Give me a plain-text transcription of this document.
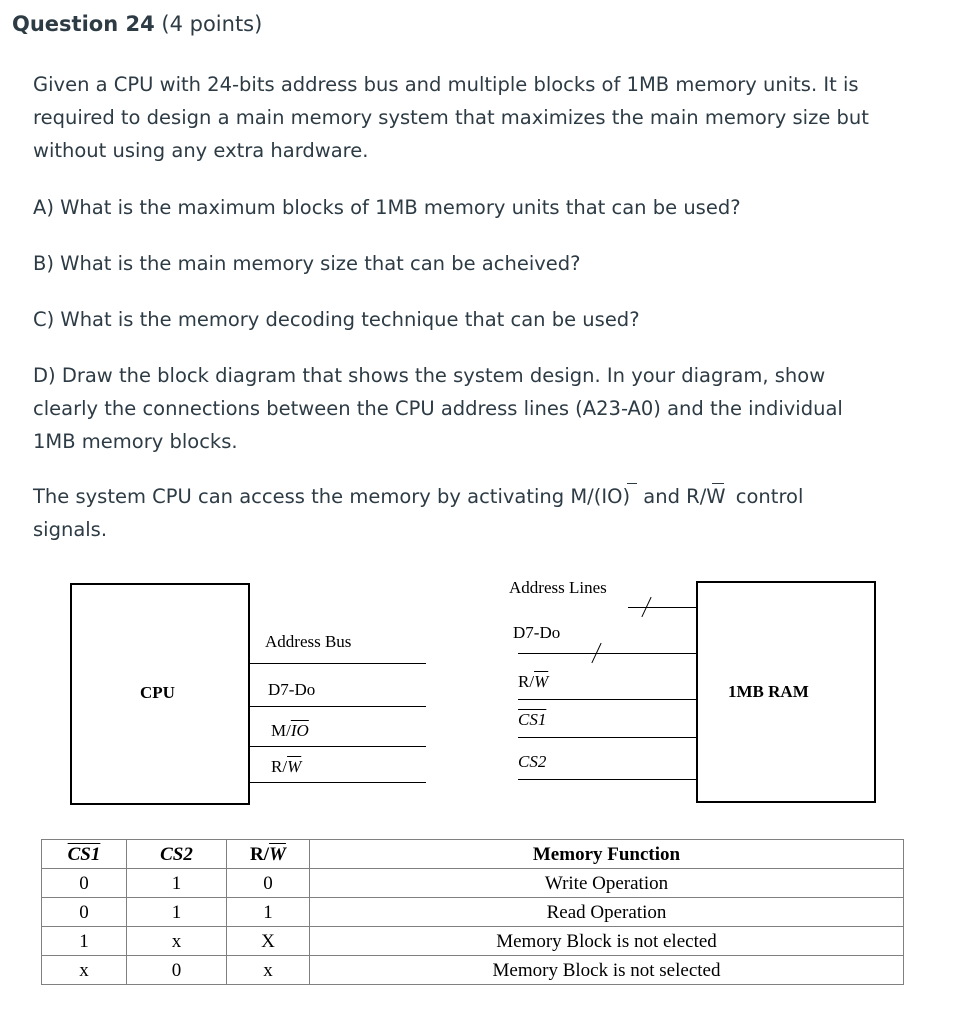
Question 24 (4 points)
Given a CPU with 24-bits address bus and multiple blocks of 1MB memory units. It is
required to design a main memory system that maximizes the main memory size but
without using any extra hardware.
A) What is the maximum blocks of 1MB memory units that can be used?
B) What is the main memory size that can be acheived?
C) What is the memory decoding technique that can be used?
D) Draw the block diagram that shows the system design. In your diagram, show
clearly the connections between the CPU address lines (A23-A0) and the individual
1MB memory blocks.
The system CPU can access the memory by activating M/(IO) and R/W control
signals.
CPU
Address Bus
D7-Do
$M/\overline{IO}$
$R/\overline{W}$
Address Lines
D7-Do
$R/\overline{W}$
CS1
CS2
1MB RAM
CS1	CS2	$R/\overline{W}$	Memory Function
0	1	0	Write Operation
0	1	1	Read Operation
1	x	X	Memory Block is not elected
x	0	x	Memory Block is not selected
